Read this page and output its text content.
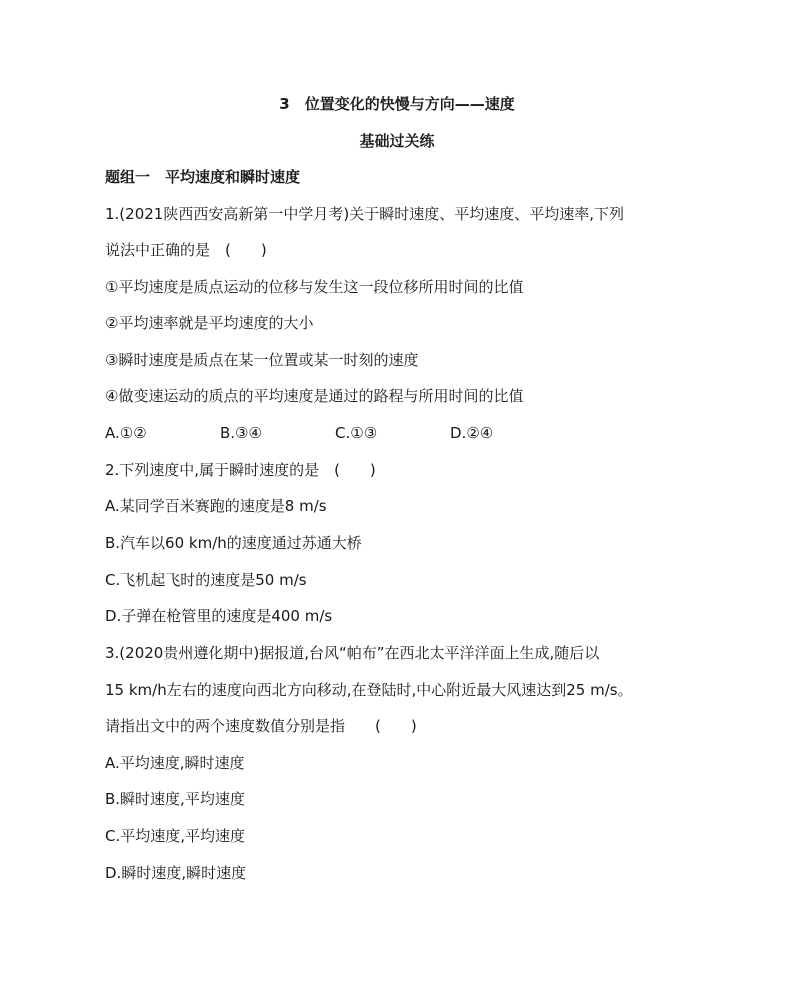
3　位置变化的快慢与方向——速度
基础过关练
题组一　平均速度和瞬时速度
1.(2021陕西西安高新第一中学月考)关于瞬时速度、平均速度、平均速率,下列
说法中正确的是　(　　)
①平均速度是质点运动的位移与发生这一段位移所用时间的比值
②平均速率就是平均速度的大小
③瞬时速度是质点在某一位置或某一时刻的速度
④做变速运动的质点的平均速度是通过的路程与所用时间的比值
A.①②	B.③④	C.①③	D.②④
2.下列速度中,属于瞬时速度的是　(　　)
A.某同学百米赛跑的速度是8 m/s
B.汽车以60 km/h的速度通过苏通大桥
C.飞机起飞时的速度是50 m/s
D.子弹在枪管里的速度是400 m/s
3.(2020贵州遵化期中)据报道,台风“帕布”在西北太平洋洋面上生成,随后以
15 km/h左右的速度向西北方向移动,在登陆时,中心附近最大风速达到25 m/s。
请指出文中的两个速度数值分别是指　　(　　)
A.平均速度,瞬时速度
B.瞬时速度,平均速度
C.平均速度,平均速度
D.瞬时速度,瞬时速度
